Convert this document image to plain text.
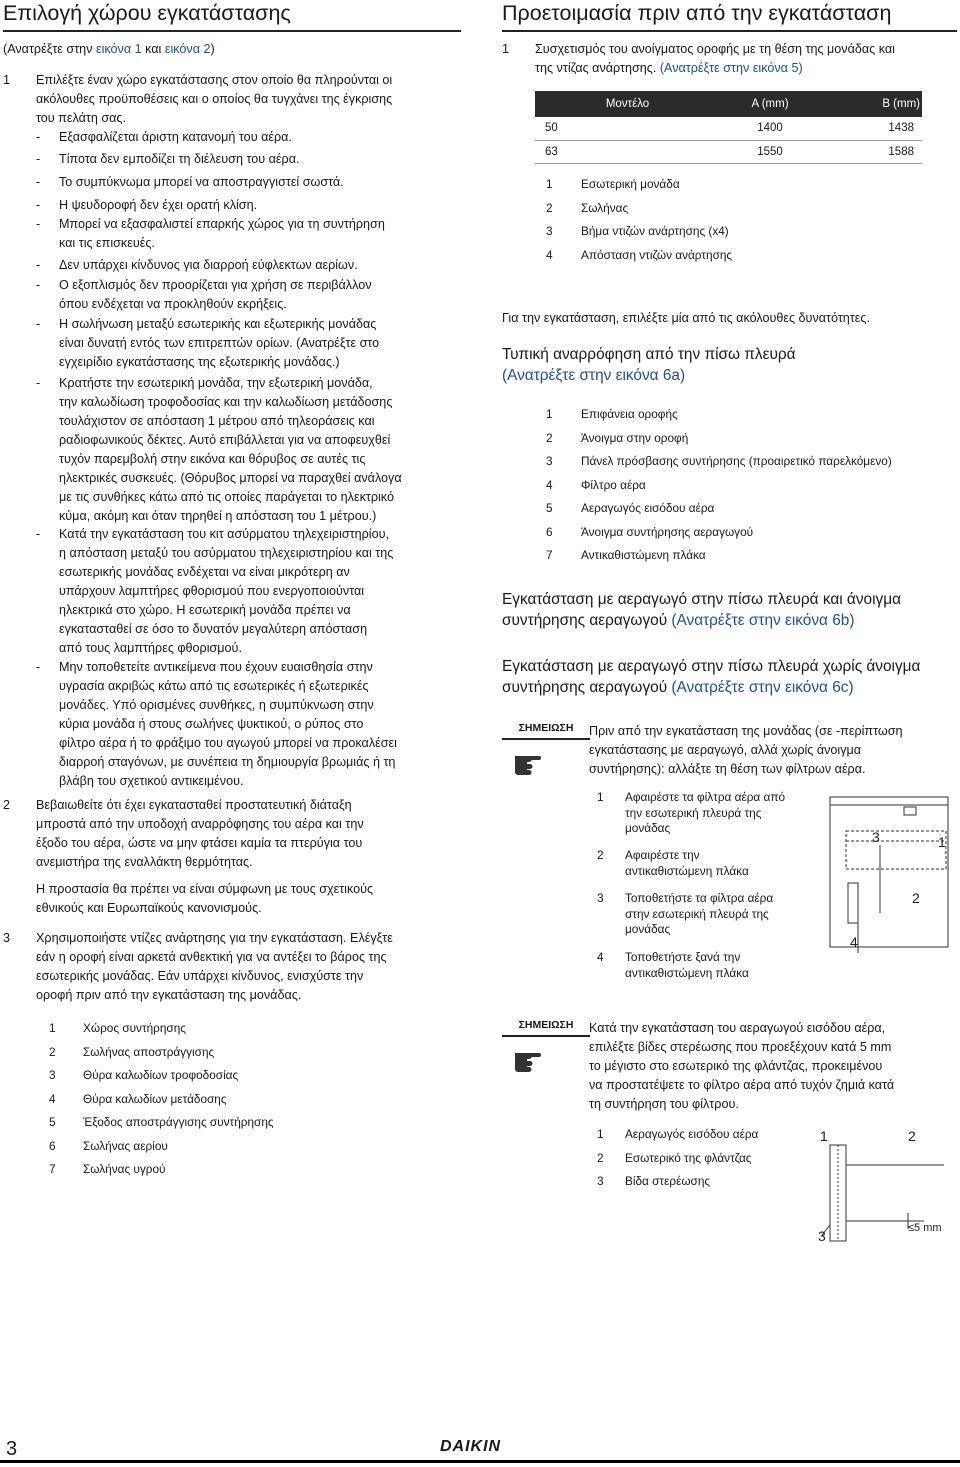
Επιλογή χώρου εγκατάστασης
(Ανατρέξτε στην εικόνα 1 και εικόνα 2)
1 Επιλέξτε έναν χώρο εγκατάστασης στον οποίο θα πληρούνται οι
ακόλουθες προϋποθέσεις και ο οποίος θα τυγχάνει της έγκρισης
του πελάτη σας.
- Εξασφαλίζεται άριστη κατανομή του αέρα.
- Τίποτα δεν εμποδίζει τη διέλευση του αέρα.
- Το συμπύκνωμα μπορεί να αποστραγγιστεί σωστά.
- Η ψευδοροφή δεν έχει ορατή κλίση.
- Μπορεί να εξασφαλιστεί επαρκής χώρος για τη συντήρηση
και τις επισκευές.
- Δεν υπάρχει κίνδυνος για διαρροή εύφλεκτων αερίων.
- Ο εξοπλισμός δεν προορίζεται για χρήση σε περιβάλλον
όπου ενδέχεται να προκληθούν εκρήξεις.
- Η σωλήνωση μεταξύ εσωτερικής και εξωτερικής μονάδας
είναι δυνατή εντός των επιτρεπτών ορίων. (Ανατρέξτε στο
εγχειρίδιο εγκατάστασης της εξωτερικής μονάδας.)
- Κρατήστε την εσωτερική μονάδα, την εξωτερική μονάδα,
την καλωδίωση τροφοδοσίας και την καλωδίωση μετάδοσης
τουλάχιστον σε απόσταση 1 μέτρου από τηλεοράσεις και
ραδιοφωνικούς δέκτες. Αυτό επιβάλλεται για να αποφευχθεί
τυχόν παρεμβολή στην εικόνα και θόρυβος σε αυτές τις
ηλεκτρικές συσκευές. (Θόρυβος μπορεί να παραχθεί ανάλογα
με τις συνθήκες κάτω από τις οποίες παράγεται το ηλεκτρικό
κύμα, ακόμη και όταν τηρηθεί η απόσταση του 1 μέτρου.)
- Κατά την εγκατάσταση του κιτ ασύρματου τηλεχειριστηρίου,
η απόσταση μεταξύ του ασύρματου τηλεχειριστηρίου και της
εσωτερικής μονάδας ενδέχεται να είναι μικρότερη αν
υπάρχουν λαμπτήρες φθορισμού που ενεργοποιούνται
ηλεκτρικά στο χώρο. Η εσωτερική μονάδα πρέπει να
εγκατασταθεί σε όσο το δυνατόν μεγαλύτερη απόσταση
από τους λαμπτήρες φθορισμού.
- Μην τοποθετείτε αντικείμενα που έχουν ευαισθησία στην
υγρασία ακριβώς κάτω από τις εσωτερικές ή εξωτερικές
μονάδες. Υπό ορισμένες συνθήκες, η συμπύκνωση στην
κύρια μονάδα ή στους σωλήνες ψυκτικού, ο ρύπος στο
φίλτρο αέρα ή το φράξιμο του αγωγού μπορεί να προκαλέσει
διαρροή σταγόνων, με συνέπεια τη δημιουργία βρωμιάς ή τη
βλάβη του σχετικού αντικειμένου.
2 Βεβαιωθείτε ότι έχει εγκατασταθεί προστατευτική διάταξη
μπροστά από την υποδοχή αναρρόφησης του αέρα και την
έξοδο του αέρα, ώστε να μην φτάσει καμία τα πτερύγια του
ανεμιστήρα της εναλλάκτη θερμότητας.
Η προστασία θα πρέπει να είναι σύμφωνη με τους σχετικούς
εθνικούς και Ευρωπαϊκούς κανονισμούς.
3 Χρησιμοποιήστε ντίζες ανάρτησης για την εγκατάσταση. Ελέγξτε
εάν η οροφή είναι αρκετά ανθεκτική για να αντέξει το βάρος της
εσωτερικής μονάδας. Εάν υπάρχει κίνδυνος, ενισχύστε την
οροφή πριν από την εγκατάσταση της μονάδας.
1 Χώρος συντήρησης
2 Σωλήνας αποστράγγισης
3 Θύρα καλωδίων τροφοδοσίας
4 Θύρα καλωδίων μετάδοσης
5 Έξοδος αποστράγγισης συντήρησης
6 Σωλήνας αερίου
7 Σωλήνας υγρού
Προετοιμασία πριν από την εγκατάσταση
1 Συσχετισμός του ανοίγματος οροφής με τη θέση της μονάδας και
της ντίζας ανάρτησης. (Ανατρέξτε στην εικόνα 5)
Μοντέλο	A (mm)	B (mm)
50	1400	1438
63	1550	1588
1 Εσωτερική μονάδα
2 Σωλήνας
3 Βήμα ντιζών ανάρτησης (x4)
4 Απόσταση ντιζών ανάρτησης
Για την εγκατάσταση, επιλέξτε μία από τις ακόλουθες δυνατότητες.
Τυπική αναρρόφηση από την πίσω πλευρά
(Ανατρέξτε στην εικόνα 6a)
1 Επιφάνεια οροφής
2 Άνοιγμα στην οροφή
3 Πάνελ πρόσβασης συντήρησης (προαιρετικό παρελκόμενο)
4 Φίλτρο αέρα
5 Αεραγωγός εισόδου αέρα
6 Άνοιγμα συντήρησης αεραγωγού
7 Αντικαθιστώμενη πλάκα
Εγκατάσταση με αεραγωγό στην πίσω πλευρά και άνοιγμα
συντήρησης αεραγωγού (Ανατρέξτε στην εικόνα 6b)
Εγκατάσταση με αεραγωγό στην πίσω πλευρά χωρίς άνοιγμα
συντήρησης αεραγωγού (Ανατρέξτε στην εικόνα 6c)
ΣΗΜΕΙΩΣΗ	Πριν από την εγκατάσταση της μονάδας (σε -περίπτωση
εγκατάστασης με αεραγωγό, αλλά χωρίς άνοιγμα
συντήρησης): αλλάξτε τη θέση των φίλτρων αέρα.
1 Αφαιρέστε τα φίλτρα αέρα από
την εσωτερική πλευρά της
μονάδας
2 Αφαιρέστε την
αντικαθιστώμενη πλάκα
3 Τοποθετήστε τα φίλτρα αέρα
στην εσωτερική πλευρά της
μονάδας
4 Τοποθετήστε ξανά την
αντικαθιστώμενη πλάκα
3	1
2
4
ΣΗΜΕΙΩΣΗ	Κατά την εγκατάσταση του αεραγωγού εισόδου αέρα,
επιλέξτε βίδες στερέωσης που προεξέχουν κατά 5 mm
το μέγιστο στο εσωτερικό της φλάντζας, προκειμένου
να προστατέψετε το φίλτρο αέρα από τυχόν ζημιά κατά
τη συντήρηση του φίλτρου.
1 Αεραγωγός εισόδου αέρα
2 Εσωτερικό της φλάντζας
3 Βίδα στερέωσης
1	2
3	≤5 mm
3	DAIKIN
